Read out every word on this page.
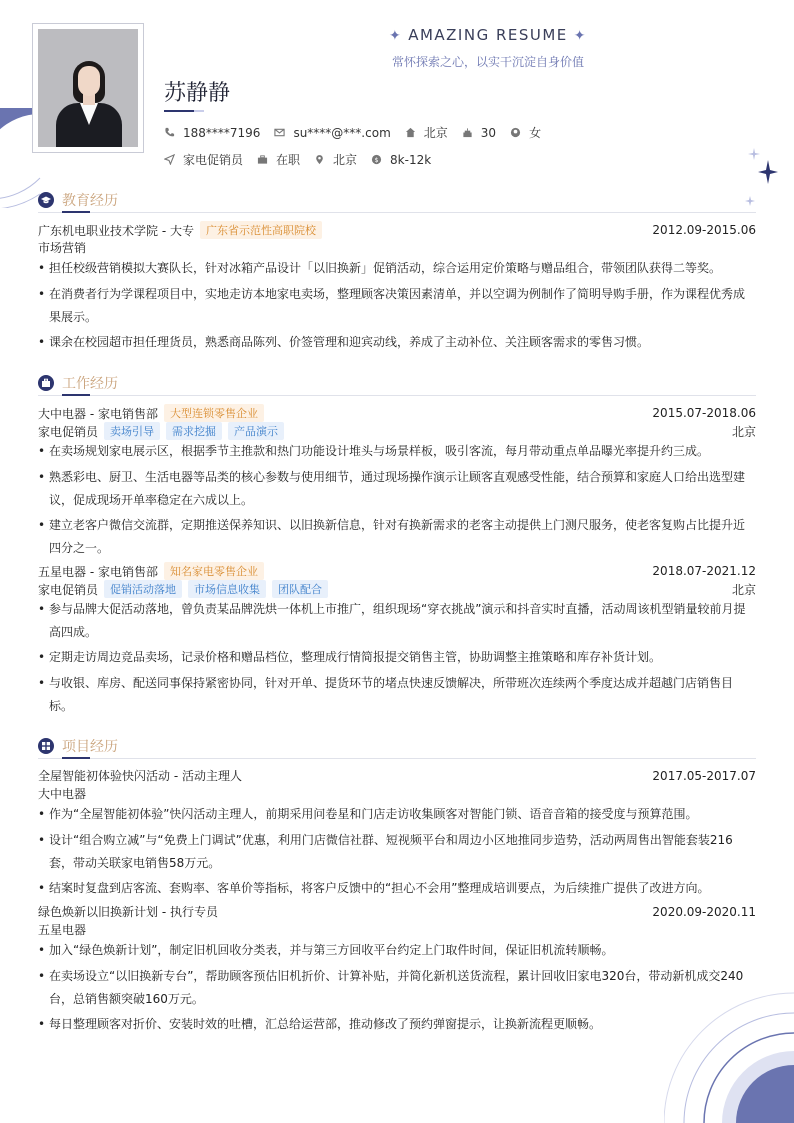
✦ AMAZING RESUME ✦
常怀探索之心，以实干沉淀自身价值
苏静静
188****7196	su****@***.com	北京	30	女
家电促销员	在职	北京 $ 8k-12k
教育经历
广东机电职业技术学院 - 大专	广东省示范性高职院校	2012.09-2015.06
市场营销
• 担任校级营销模拟大赛队长，针对冰箱产品设计「以旧换新」促销活动，综合运用定价策略与赠品组合，带领团队获得二等奖。
• 在消费者行为学课程项目中，实地走访本地家电卖场，整理顾客决策因素清单，并以空调为例制作了简明导购手册，作为课程优秀成果展示。
• 课余在校园超市担任理货员，熟悉商品陈列、价签管理和迎宾动线，养成了主动补位、关注顾客需求的零售习惯。
工作经历
大中电器 - 家电销售部	大型连锁零售企业	2015.07-2018.06
家电促销员	卖场引导	需求挖掘	产品演示	北京
• 在卖场规划家电展示区，根据季节主推款和热门功能设计堆头与场景样板，吸引客流，每月带动重点单品曝光率提升约三成。
• 熟悉彩电、厨卫、生活电器等品类的核心参数与使用细节，通过现场操作演示让顾客直观感受性能，结合预算和家庭人口给出选型建议，促成现场开单率稳定在六成以上。
• 建立老客户微信交流群，定期推送保养知识、以旧换新信息，针对有换新需求的老客主动提供上门测尺服务，使老客复购占比提升近四分之一。
五星电器 - 家电销售部	知名家电零售企业	2018.07-2021.12
家电促销员	促销活动落地	市场信息收集	团队配合	北京
• 参与品牌大促活动落地，曾负责某品牌洗烘一体机上市推广，组织现场“穿衣挑战”演示和抖音实时直播，活动周该机型销量较前月提高四成。
• 定期走访周边竞品卖场，记录价格和赠品档位，整理成行情简报提交销售主管，协助调整主推策略和库存补货计划。
• 与收银、库房、配送同事保持紧密协同，针对开单、提货环节的堵点快速反馈解决，所带班次连续两个季度达成并超越门店销售目标。
项目经历
全屋智能初体验快闪活动 - 活动主理人	2017.05-2017.07
大中电器
• 作为“全屋智能初体验”快闪活动主理人，前期采用问卷星和门店走访收集顾客对智能门锁、语音音箱的接受度与预算范围。
• 设计“组合购立减”与“免费上门调试”优惠，利用门店微信社群、短视频平台和周边小区地推同步造势，活动两周售出智能套装216套，带动关联家电销售58万元。
• 结案时复盘到店客流、套购率、客单价等指标，将客户反馈中的“担心不会用”整理成培训要点，为后续推广提供了改进方向。
绿色焕新以旧换新计划 - 执行专员	2020.09-2020.11
五星电器
• 加入“绿色焕新计划”，制定旧机回收分类表，并与第三方回收平台约定上门取件时间，保证旧机流转顺畅。
• 在卖场设立“以旧换新专台”，帮助顾客预估旧机折价、计算补贴，并简化新机送货流程，累计回收旧家电320台，带动新机成交240台，总销售额突破160万元。
• 每日整理顾客对折价、安装时效的吐槽，汇总给运营部，推动修改了预约弹窗提示，让换新流程更顺畅。
